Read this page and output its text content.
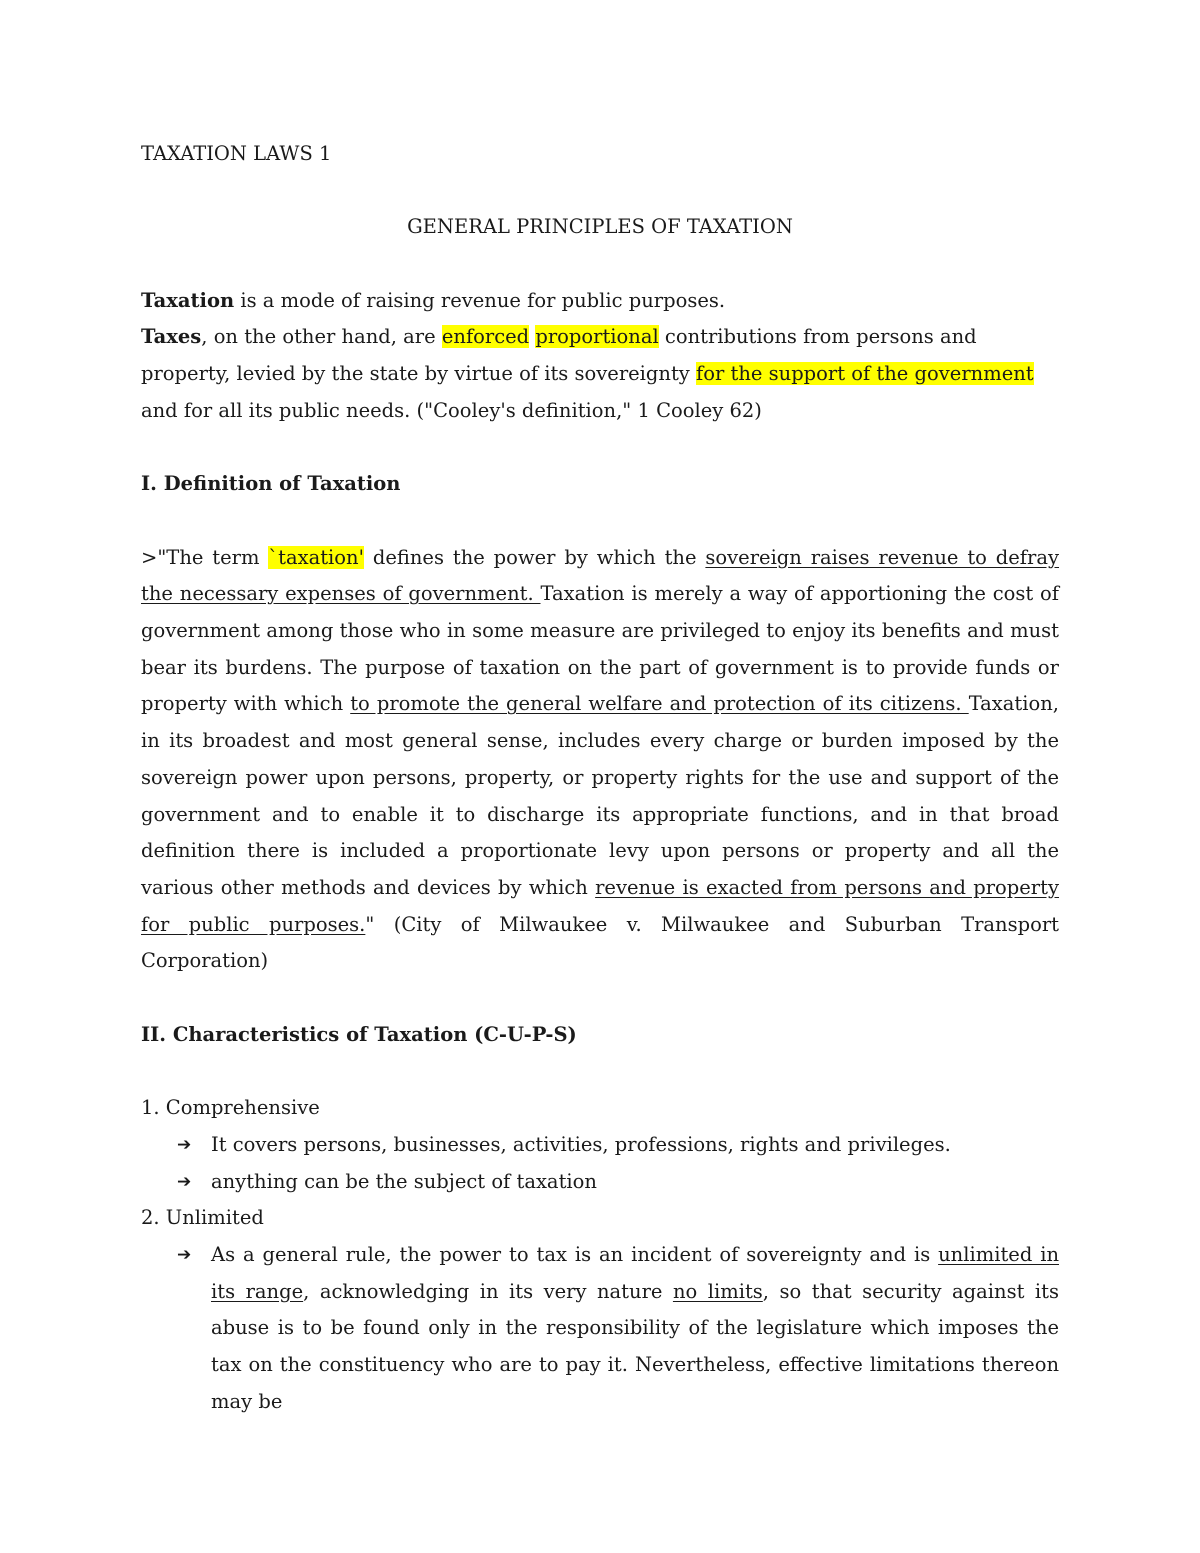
TAXATION LAWS 1

GENERAL PRINCIPLES OF TAXATION

Taxation is a mode of raising revenue for public purposes.

Taxes, on the other hand, are enforced proportional contributions from persons and property, levied by the state by virtue of its sovereignty for the support of the government and for all its public needs. ("Cooley's definition," 1 Cooley 62)

I. Definition of Taxation

>"The term `taxation' defines the power by which the sovereign raises revenue to defray the necessary expenses of government. Taxation is merely a way of apportioning the cost of government among those who in some measure are privileged to enjoy its benefits and must bear its burdens. The purpose of taxation on the part of government is to provide funds or property with which to promote the general welfare and protection of its citizens. Taxation, in its broadest and most general sense, includes every charge or burden imposed by the sovereign power upon persons, property, or property rights for the use and support of the government and to enable it to discharge its appropriate functions, and in that broad definition there is included a proportionate levy upon persons or property and all the various other methods and devices by which revenue is exacted from persons and property for public purposes." (City of Milwaukee v. Milwaukee and Suburban Transport Corporation)

II. Characteristics of Taxation (C-U-P-S)

1. Comprehensive

➔ It covers persons, businesses, activities, professions, rights and privileges.
➔ anything can be the subject of taxation

2. Unlimited

➔ As a general rule, the power to tax is an incident of sovereignty and is unlimited in its range, acknowledging in its very nature no limits, so that security against its abuse is to be found only in the responsibility of the legislature which imposes the tax on the constituency who are to pay it. Nevertheless, effective limitations thereon may be
